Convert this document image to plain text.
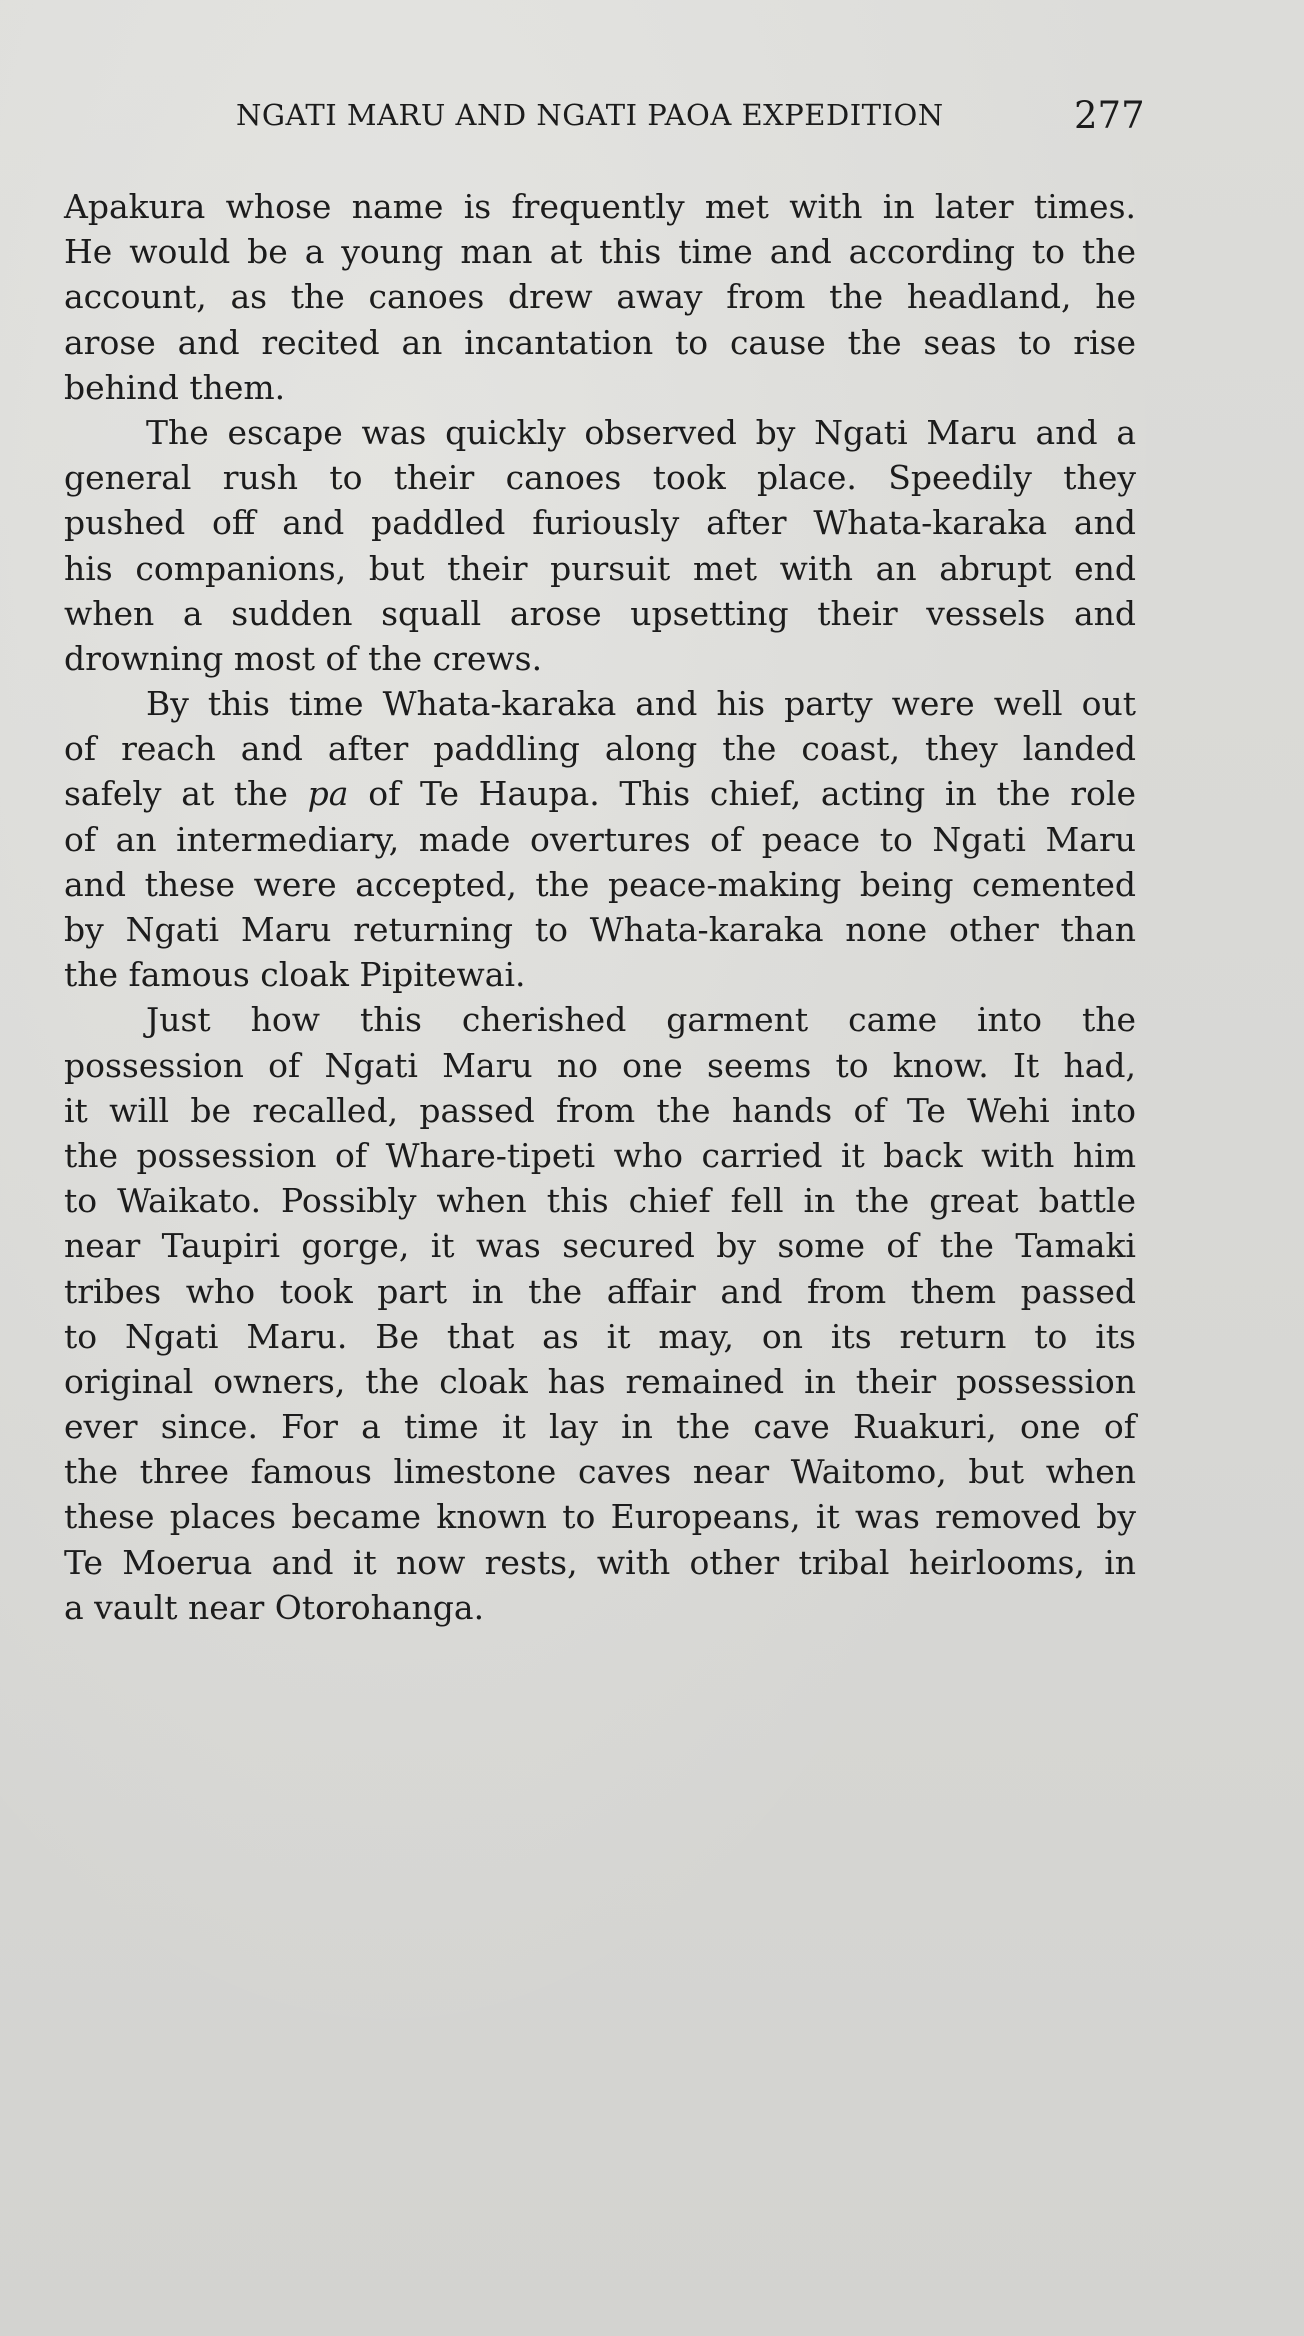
NGATI MARU AND NGATI PAOA EXPEDITION	277
Apakura whose name is frequently met with in later times.
He would be a young man at this time and according to the
account, as the canoes drew away from the headland, he
arose and recited an incantation to cause the seas to rise
behind them.
The escape was quickly observed by Ngati Maru and a
general rush to their canoes took place. Speedily they
pushed off and paddled furiously after Whata-karaka and
his companions, but their pursuit met with an abrupt end
when a sudden squall arose upsetting their vessels and
drowning most of the crews.
By this time Whata-karaka and his party were well out
of reach and after paddling along the coast, they landed
safely at the pa of Te Haupa. This chief, acting in the role
of an intermediary, made overtures of peace to Ngati Maru
and these were accepted, the peace-making being cemented
by Ngati Maru returning to Whata-karaka none other than
the famous cloak Pipitewai.
Just how this cherished garment came into the
possession of Ngati Maru no one seems to know. It had,
it will be recalled, passed from the hands of Te Wehi into
the possession of Whare-tipeti who carried it back with him
to Waikato. Possibly when this chief fell in the great battle
near Taupiri gorge, it was secured by some of the Tamaki
tribes who took part in the affair and from them passed
to Ngati Maru. Be that as it may, on its return to its
original owners, the cloak has remained in their possession
ever since. For a time it lay in the cave Ruakuri, one of
the three famous limestone caves near Waitomo, but when
these places became known to Europeans, it was removed by
Te Moerua and it now rests, with other tribal heirlooms, in
a vault near Otorohanga.
